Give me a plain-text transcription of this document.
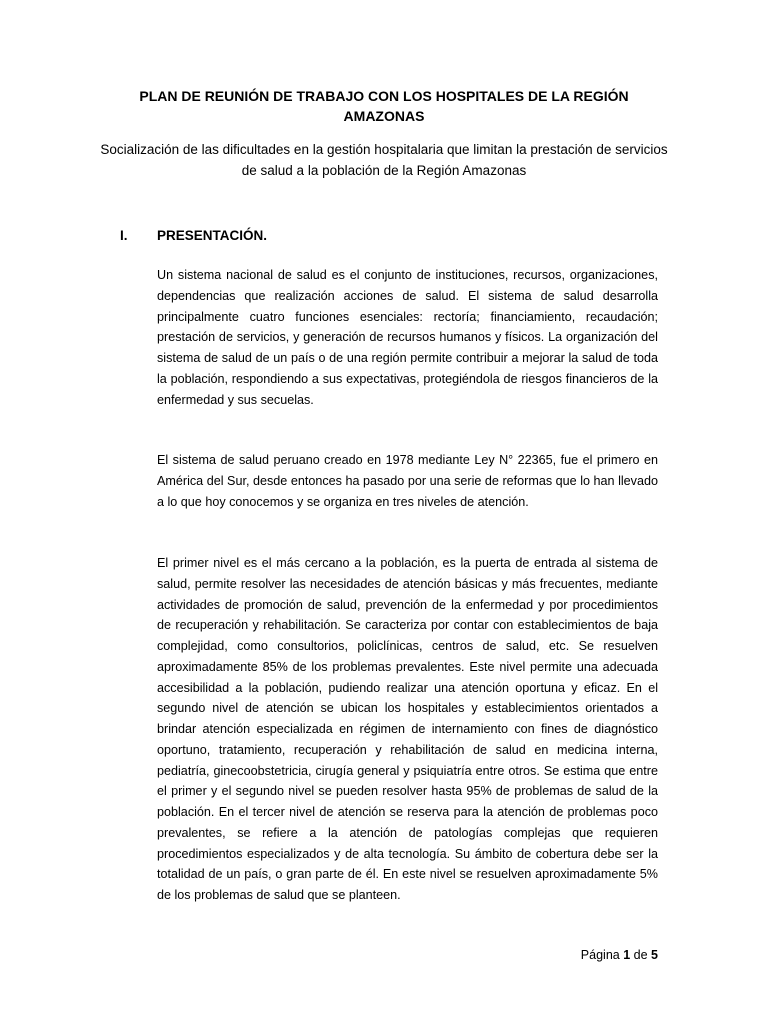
PLAN DE REUNIÓN DE TRABAJO CON LOS HOSPITALES DE LA REGIÓN AMAZONAS

Socialización de las dificultades en la gestión hospitalaria que limitan la prestación de servicios de salud a la población de la Región Amazonas

I. PRESENTACIÓN.

Un sistema nacional de salud es el conjunto de instituciones, recursos, organizaciones, dependencias que realización acciones de salud. El sistema de salud desarrolla principalmente cuatro funciones esenciales: rectoría; financiamiento, recaudación; prestación de servicios, y generación de recursos humanos y físicos. La organización del sistema de salud de un país o de una región permite contribuir a mejorar la salud de toda la población, respondiendo a sus expectativas, protegiéndola de riesgos financieros de la enfermedad y sus secuelas.

El sistema de salud peruano creado en 1978 mediante Ley N° 22365, fue el primero en América del Sur, desde entonces ha pasado por una serie de reformas que lo han llevado a lo que hoy conocemos y se organiza en tres niveles de atención.

El primer nivel es el más cercano a la población, es la puerta de entrada al sistema de salud, permite resolver las necesidades de atención básicas y más frecuentes, mediante actividades de promoción de salud, prevención de la enfermedad y por procedimientos de recuperación y rehabilitación. Se caracteriza por contar con establecimientos de baja complejidad, como consultorios, policlínicas, centros de salud, etc. Se resuelven aproximadamente 85% de los problemas prevalentes. Este nivel permite una adecuada accesibilidad a la población, pudiendo realizar una atención oportuna y eficaz. En el segundo nivel de atención se ubican los hospitales y establecimientos orientados a brindar atención especializada en régimen de internamiento con fines de diagnóstico oportuno, tratamiento, recuperación y rehabilitación de salud en medicina interna, pediatría, ginecoobstetricia, cirugía general y psiquiatría entre otros. Se estima que entre el primer y el segundo nivel se pueden resolver hasta 95% de problemas de salud de la población. En el tercer nivel de atención se reserva para la atención de problemas poco prevalentes, se refiere a la atención de patologías complejas que requieren procedimientos especializados y de alta tecnología. Su ámbito de cobertura debe ser la totalidad de un país, o gran parte de él. En este nivel se resuelven aproximadamente 5% de los problemas de salud que se planteen.

Página 1 de 5
